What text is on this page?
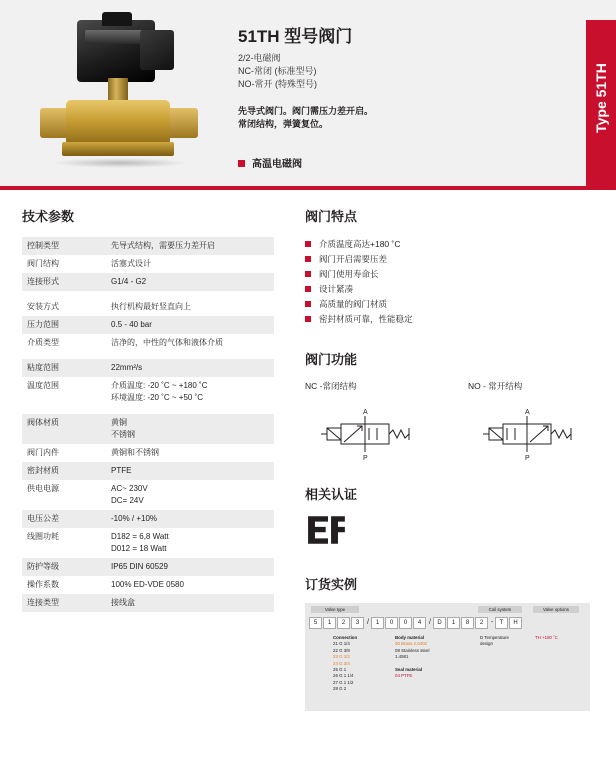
51TH 型号阀门
2/2-电磁阀
NC-常闭 (标准型号)
NO-常开 (特殊型号)
先导式阀门。阀门需压力差开启。
常闭结构，弹簧复位。
高温电磁阀
Type 51TH
技术参数
控制类型	先导式结构，需要压力差开启

阀门结构	活塞式设计

连接形式	G1/4 - G2

安装方式	执行机构最好竖直向上

压力范围	0.5 - 40 bar

介质类型	洁净的，中性的气体和液体介质

粘度范围	22mm²/s

温度范围	介质温度: -20 ˚C ~ +180 ˚C
环境温度: -20 ˚C ~ +50 ˚C

阀体材质	黄铜
不锈钢

阀门内件	黄铜和不锈钢

密封材质	PTFE

供电电源	AC~ 230V
DC= 24V

电压公差	-10% / +10%

线圈功耗	D182 = 6,8 Watt
D012 = 18 Watt

防护等级	IP65 DIN 60529

操作系数	100% ED-VDE 0580

连接类型	接线盒
阀门特点
介质温度高达+180 ˚C
阀门开启需要压差
阀门使用寿命长
设计紧凑
高质量的阀门材质
密封材质可靠，性能稳定
阀门功能
NC -常闭结构	NO - 常开结构
A
P
A
P
相关认证
订货实例
Valve type	Coil system	Valve options
5 1 2 3 / 1 0 0 4 / D 1 8 2 - T H
Connection
21 G 1/4
22 G 3/8
23 G 1/2
24 G 3/4
25 G 1
26 G 1 1/4
27 G 1 1/2
28 G 2
Body material
30 Brass 2.0402
08 Stainless steel
1.4581
Seal material
04 PTFE
D Temperature
design
TH +180 ˚C
